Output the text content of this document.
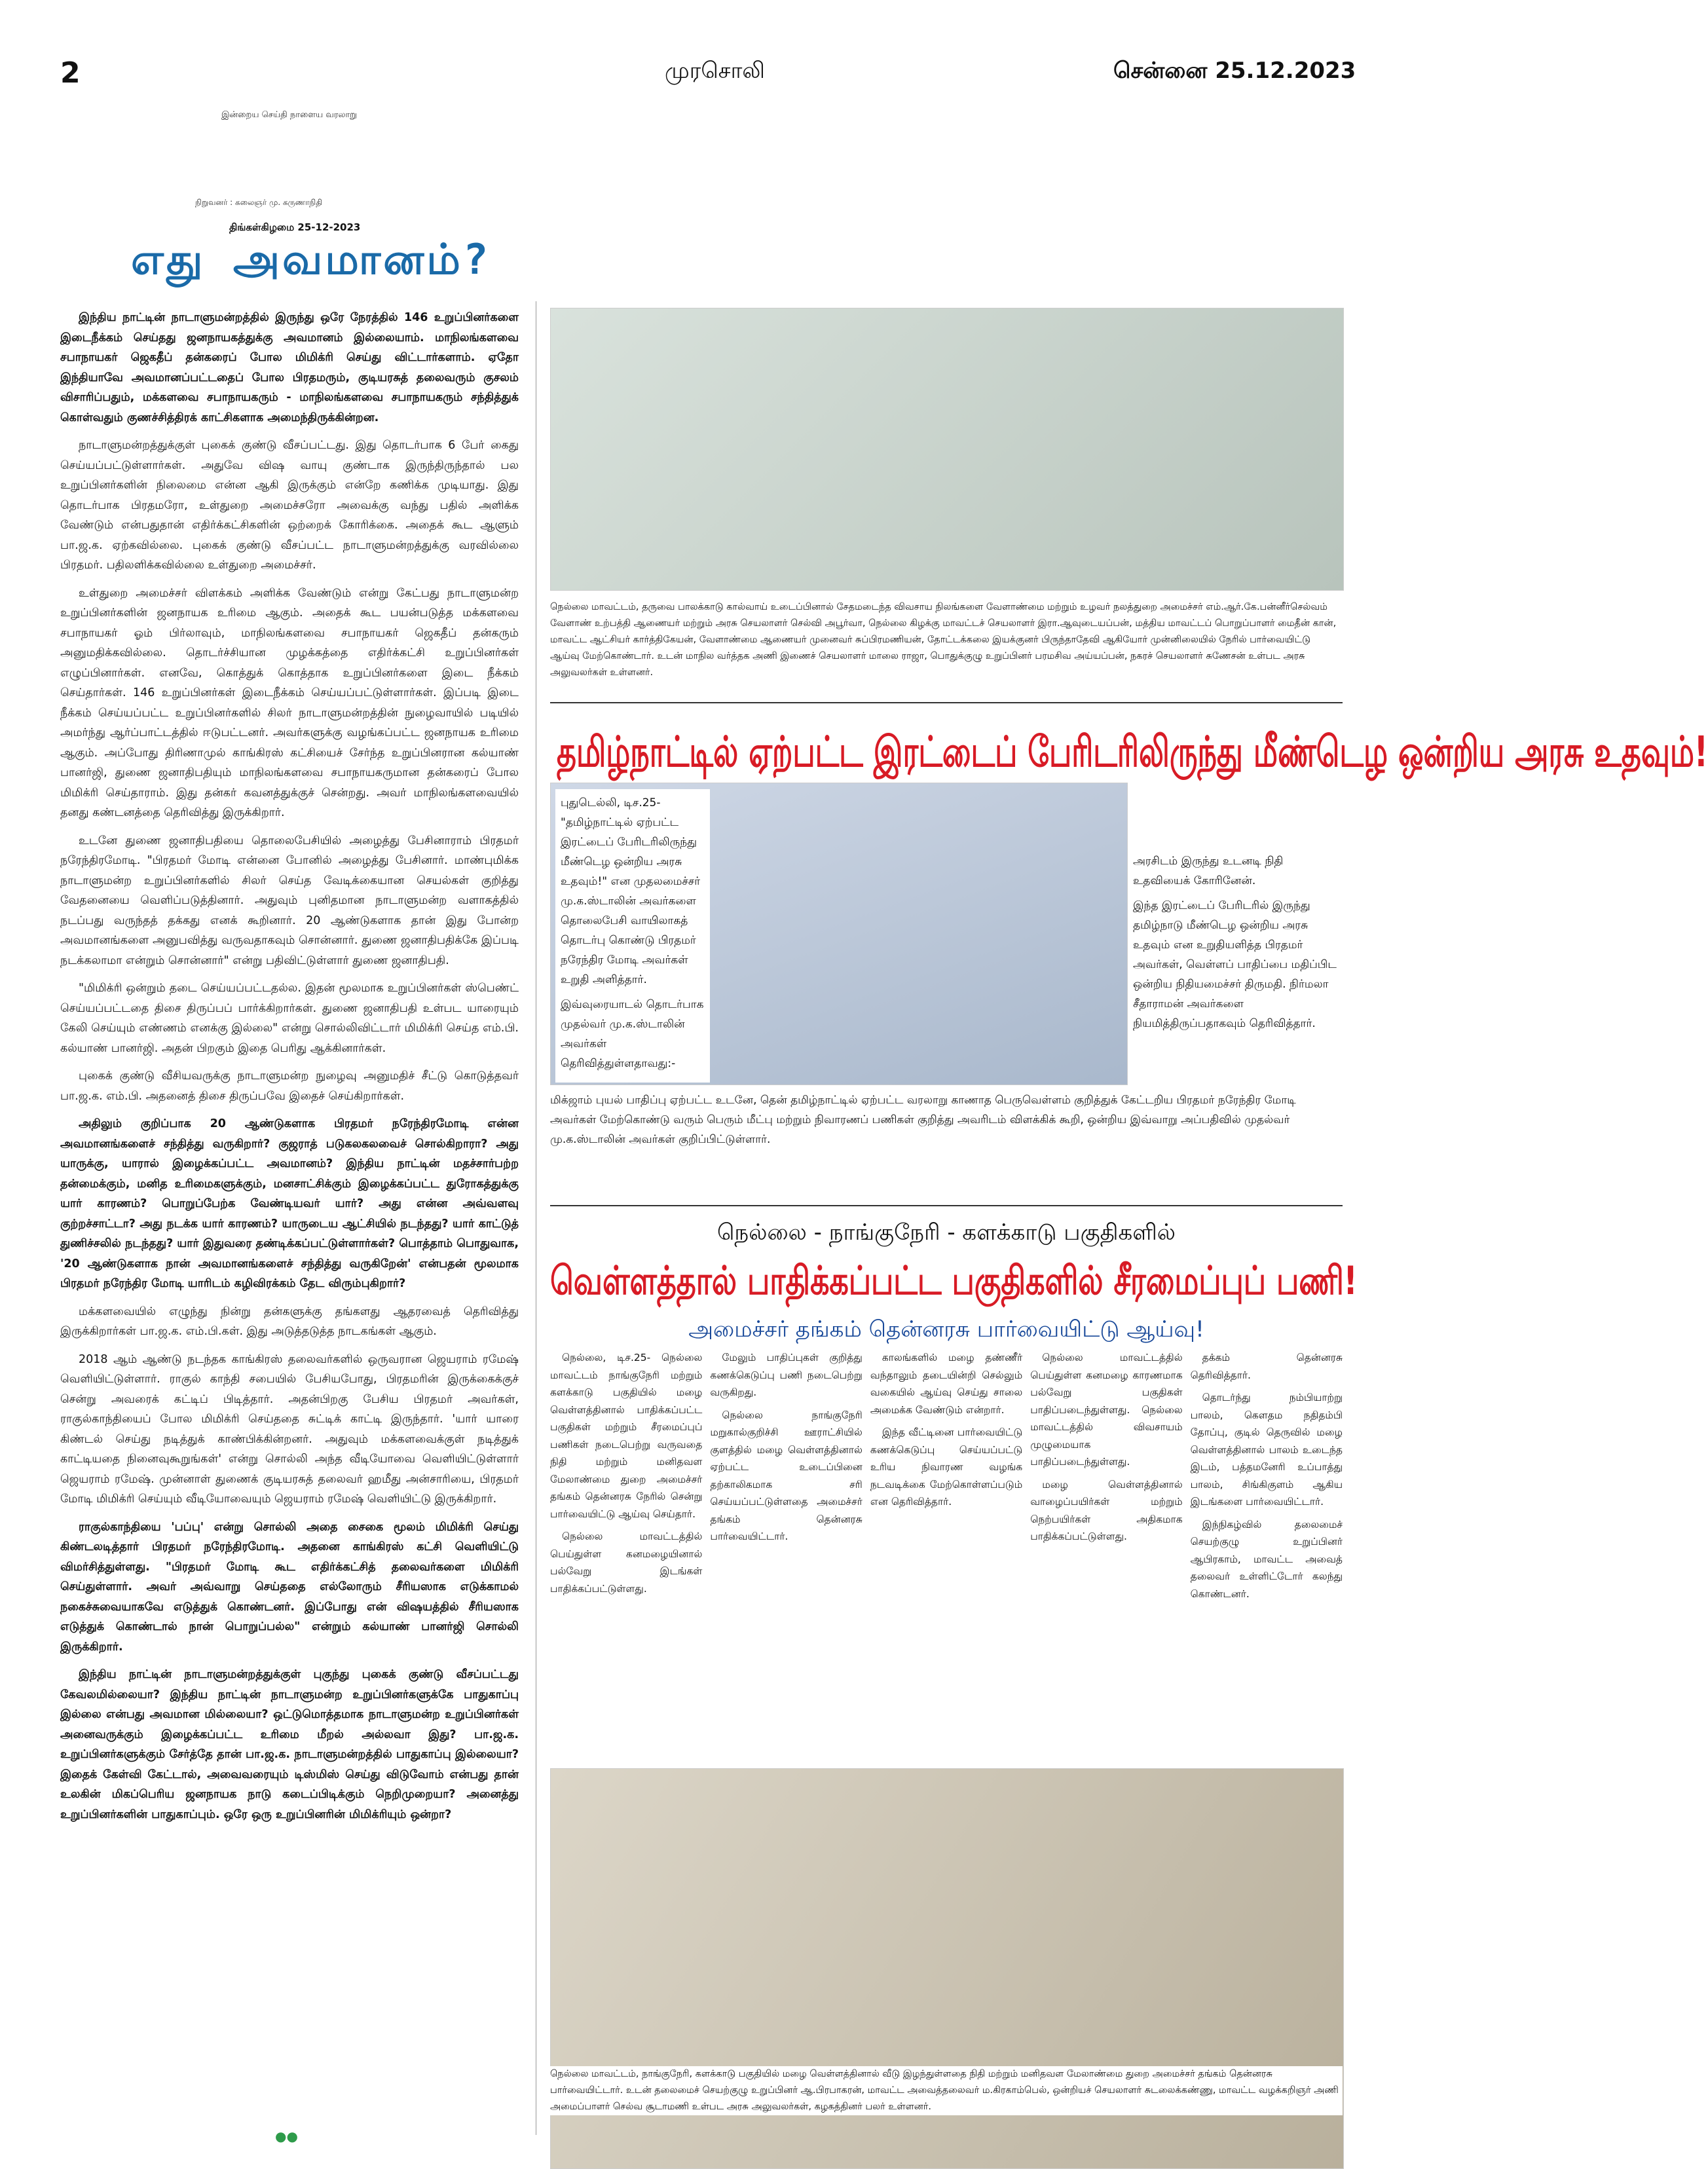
2	முரசொலி	சென்னை 25.12.2023
இன்றைய செய்தி நாளைய வரலாறு
நிறுவனர் : கலைஞர் மு. கருணாநிதி
திங்கள்கிழமை 25-12-2023
எது அவமானம்?

இந்திய நாட்டின் நாடாளுமன்றத்தில் இருந்து ஒரே நேரத்தில் 146 உறுப்பினர்களை இடைநீக்கம் செய்தது ஜனநாயகத்துக்கு அவமானம் இல்லையாம். மாநிலங்களவை சபாநாயகர் ஜெகதீப் தன்கரைப் போல மிமிக்ரி செய்து விட்டார்களாம். ஏதோ இந்தியாவே அவமானப்பட்டதைப் போல பிரதமரும், குடியரசுத் தலைவரும் குசலம் விசாரிப்பதும், மக்களவை சபாநாயகரும் - மாநிலங்களவை சபாநாயகரும் சந்தித்துக் கொள்வதும் குணச்சித்திரக் காட்சிகளாக அமைந்திருக்கின்றன.

நாடாளுமன்றத்துக்குள் புகைக் குண்டு வீசப்பட்டது. இது தொடர்பாக 6 பேர் கைது செய்யப்பட்டுள்ளார்கள். அதுவே விஷ வாயு குண்டாக இருந்திருந்தால் பல உறுப்பினர்களின் நிலைமை என்ன ஆகி இருக்கும் என்றே கணிக்க முடியாது. இது தொடர்பாக பிரதமரோ, உள்துறை அமைச்சரோ அவைக்கு வந்து பதில் அளிக்க வேண்டும் என்பதுதான் எதிர்க்கட்சிகளின் ஒற்றைக் கோரிக்கை. அதைக் கூட ஆளும் பா.ஜ.க. ஏற்கவில்லை. புகைக் குண்டு வீசப்பட்ட நாடாளுமன்றத்துக்கு வரவில்லை பிரதமர். பதிலளிக்கவில்லை உள்துறை அமைச்சர்.

உள்துறை அமைச்சர் விளக்கம் அளிக்க வேண்டும் என்று கேட்பது நாடாளுமன்ற உறுப்பினர்களின் ஜனநாயக உரிமை ஆகும். அதைக் கூட பயன்படுத்த மக்களவை சபாநாயகர் ஓம் பிர்லாவும், மாநிலங்களவை சபாநாயகர் ஜெகதீப் தன்கரும் அனுமதிக்கவில்லை. தொடர்ச்சியான முழக்கத்தை எதிர்க்கட்சி உறுப்பினர்கள் எழுப்பினார்கள். எனவே, கொத்துக் கொத்தாக உறுப்பினர்களை இடை நீக்கம் செய்தார்கள். 146 உறுப்பினர்கள் இடைநீக்கம் செய்யப்பட்டுள்ளார்கள். இப்படி இடை நீக்கம் செய்யப்பட்ட உறுப்பினர்களில் சிலர் நாடாளுமன்றத்தின் நுழைவாயில் படியில் அமர்ந்து ஆர்ப்பாட்டத்தில் ஈடுபட்டனர். அவர்களுக்கு வழங்கப்பட்ட ஜனநாயக உரிமை ஆகும். அப்போது திரிணாமுல் காங்கிரஸ் கட்சியைச் சேர்ந்த உறுப்பினரான கல்யாண் பானர்ஜி, துணை ஜனாதிபதியும் மாநிலங்களவை சபாநாயகருமான தன்கரைப் போல மிமிக்ரி செய்தாராம். இது தன்கர் கவனத்துக்குச் சென்றது. அவர் மாநிலங்களவையில் தனது கண்டனத்தை தெரிவித்து இருக்கிறார்.

உடனே துணை ஜனாதிபதியை தொலைபேசியில் அழைத்து பேசினாராம் பிரதமர் நரேந்திரமோடி. "பிரதமர் மோடி என்னை போனில் அழைத்து பேசினார். மாண்புமிக்க நாடாளுமன்ற உறுப்பினர்களில் சிலர் செய்த வேடிக்கையான செயல்கள் குறித்து வேதனையை வெளிப்படுத்தினார். அதுவும் புனிதமான நாடாளுமன்ற வளாகத்தில் நடப்பது வருந்தத் தக்கது எனக் கூறினார். 20 ஆண்டுகளாக தான் இது போன்ற அவமானங்களை அனுபவித்து வருவதாகவும் சொன்னார். துணை ஜனாதிபதிக்கே இப்படி நடக்கலாமா என்றும் சொன்னார்" என்று பதிவிட்டுள்ளார் துணை ஜனாதிபதி.

"மிமிக்ரி ஒன்றும் தடை செய்யப்பட்டதல்ல. இதன் மூலமாக உறுப்பினர்கள் ஸ்பெண்ட் செய்யப்பட்டதை திசை திருப்பப் பார்க்கிறார்கள். துணை ஜனாதிபதி உள்பட யாரையும் கேலி செய்யும் எண்ணம் எனக்கு இல்லை" என்று சொல்லிவிட்டார் மிமிக்ரி செய்த எம்.பி. கல்யாண் பானர்ஜி. அதன் பிறகும் இதை பெரிது ஆக்கினார்கள்.

புகைக் குண்டு வீசியவருக்கு நாடாளுமன்ற நுழைவு அனுமதிச் சீட்டு கொடுத்தவர் பா.ஜ.க. எம்.பி. அதனைத் திசை திருப்பவே இதைச் செய்கிறார்கள்.

அதிலும் குறிப்பாக 20 ஆண்டுகளாக பிரதமர் நரேந்திரமோடி என்ன அவமானங்களைச் சந்தித்து வருகிறார்? குஜராத் படுகலகலவைச் சொல்கிறாரா? அது யாருக்கு, யாரால் இழைக்கப்பட்ட அவமானம்? இந்திய நாட்டின் மதச்சார்பற்ற தன்மைக்கும், மனித உரிமைகளுக்கும், மனசாட்சிக்கும் இழைக்கப்பட்ட துரோகத்துக்கு யார் காரணம்? பொறுப்பேற்க வேண்டியவர் யார்? அது என்ன அவ்வளவு குற்றச்சாட்டா? அது நடக்க யார் காரணம்? யாருடைய ஆட்சியில் நடந்தது? யார் காட்டுத் துணிச்சலில் நடந்தது? யார் இதுவரை தண்டிக்கப்பட்டுள்ளார்கள்? பொத்தாம் பொதுவாக, '20 ஆண்டுகளாக நான் அவமானங்களைச் சந்தித்து வருகிறேன்' என்பதன் மூலமாக பிரதமர் நரேந்திர மோடி யாரிடம் கழிவிரக்கம் தேட விரும்புகிறார்?

மக்களவையில் எழுந்து நின்று தன்களுக்கு தங்களது ஆதரவைத் தெரிவித்து இருக்கிறார்கள் பா.ஜ.க. எம்.பி.கள். இது அடுத்தடுத்த நாடகங்கள் ஆகும்.

2018 ஆம் ஆண்டு நடந்தக காங்கிரஸ் தலைவர்களில் ஒருவரான ஜெயராம் ரமேஷ் வெளியிட்டுள்ளார். ராகுல் காந்தி சபையில் பேசியபோது, பிரதமரின் இருக்கைக்குச் சென்று அவரைக் கட்டிப் பிடித்தார். அதன்பிறகு பேசிய பிரதமர் அவர்கள், ராகுல்காந்தியைப் போல மிமிக்ரி செய்ததை சுட்டிக் காட்டி இருந்தார். 'யார் யாரை கிண்டல் செய்து நடித்துக் காண்பிக்கின்றனர். அதுவும் மக்களவைக்குள் நடித்துக் காட்டியதை நினைவுகூறுங்கள்' என்று சொல்லி அந்த வீடியோவை வெளியிட்டுள்ளார் ஜெயராம் ரமேஷ். முன்னாள் துணைக் குடியரசுத் தலைவர் ஹமீது அன்சாரியை, பிரதமர் மோடி மிமிக்ரி செய்யும் வீடியோவையும் ஜெயராம் ரமேஷ் வெளியிட்டு இருக்கிறார்.

ராகுல்காந்தியை 'பப்பு' என்று சொல்லி அதை சைகை மூலம் மிமிக்ரி செய்து கிண்டலடித்தார் பிரதமர் நரேந்திரமோடி. அதனை காங்கிரஸ் கட்சி வெளியிட்டு விமர்சித்துள்ளது. "பிரதமர் மோடி கூட எதிர்க்கட்சித் தலைவர்களை மிமிக்ரி செய்துள்ளார். அவர் அவ்வாறு செய்ததை எல்லோரும் சீரியஸாக எடுக்காமல் நகைச்சுவையாகவே எடுத்துக் கொண்டனர். இப்போது என் விஷயத்தில் சீரியஸாக எடுத்துக் கொண்டால் நான் பொறுப்பல்ல" என்றும் கல்யாண் பானர்ஜி சொல்லி இருக்கிறார்.

இந்திய நாட்டின் நாடாளுமன்றத்துக்குள் புகுந்து புகைக் குண்டு வீசப்பட்டது கேவலமில்லையா? இந்திய நாட்டின் நாடாளுமன்ற உறுப்பினர்களுக்கே பாதுகாப்பு இல்லை என்பது அவமான மில்லையா? ஒட்டுமொத்தமாக நாடாளுமன்ற உறுப்பினர்கள் அனைவருக்கும் இழைக்கப்பட்ட உரிமை மீறல் அல்லவா இது? பா.ஜ.க. உறுப்பினர்களுக்கும் சேர்த்தே தான் பா.ஜ.க. நாடாளுமன்றத்தில் பாதுகாப்பு இல்லையா? இதைக் கேள்வி கேட்டால், அவைவரையும் டிஸ்மிஸ் செய்து விடுவோம் என்பது தான் உலகின் மிகப்பெரிய ஜனநாயக நாடு கடைப்பிடிக்கும் நெறிமுறையா? அனைத்து உறுப்பினர்களின் பாதுகாப்பும். ஒரே ஒரு உறுப்பினரின் மிமிக்ரியும் ஒன்றா?

நெல்லை மாவட்டம், தருவை பாலக்காடு கால்வாய் உடைப்பினால் சேதமடைந்த விவசாய நிலங்களை வேளாண்மை மற்றும் உழவர் நலத்துறை அமைச்சர் எம்.ஆர்.கே.பன்னீர்செல்வம் வேளாண் உற்பத்தி ஆணையர் மற்றும் அரசு செயலாளர் செல்வி அபூர்வா, நெல்லை கிழக்கு மாவட்டச் செயலாளர் இரா.ஆவுடையப்பன், மத்திய மாவட்டப் பொறுப்பாளர் மைதீன் கான், மாவட்ட ஆட்சியர் கார்த்திகேயன், வேளாண்மை ஆணையர் முனைவர் சுப்பிரமணியன், தோட்டக்கலை இயக்குனர் பிருந்தாதேவி ஆகியோர் முன்னிலையில் நேரில் பார்வையிட்டு ஆய்வு மேற்கொண்டார். உடன் மாநில வர்த்தக அணி இணைச் செயலாளர் மாலை ராஜா, பொதுக்குழு உறுப்பினர் பரமசிவ அய்யப்பன், நகரச் செயலாளர் சுணேசன் உள்பட அரசு அலுவலர்கள் உள்ளனர்.
தமிழ்நாட்டில் ஏற்பட்ட இரட்டைப் பேரிடரிலிருந்து மீண்டெழ ஒன்றிய அரசு உதவும்!

புதுடெல்லி, டிச.25- "தமிழ்நாட்டில் ஏற்பட்ட இரட்டைப் பேரிடரிலிருந்து மீண்டெழ ஒன்றிய அரசு உதவும்!" என முதலமைச்சர் மு.க.ஸ்டாலின் அவர்களை தொலைபேசி வாயிலாகத் தொடர்பு கொண்டு பிரதமர் நரேந்திர மோடி அவர்கள் உறுதி அளித்தார்.

இவ்வுரையாடல் தொடர்பாக முதல்வர் மு.க.ஸ்டாலின் அவர்கள் தெரிவித்துள்ளதாவது:-

அரசிடம் இருந்து உடனடி நிதி உதவியைக் கோரினேன்.

இந்த இரட்டைப் பேரிடரில் இருந்து தமிழ்நாடு மீண்டெழ ஒன்றிய அரசு உதவும் என உறுதியளித்த பிரதமர் அவர்கள், வெள்ளப் பாதிப்பை மதிப்பிட ஒன்றிய நிதியமைச்சர் திருமதி. நிர்மலா சீதாராமன் அவர்களை நியமித்திருப்பதாகவும் தெரிவித்தார்.

மிக்ஜாம் புயல் பாதிப்பு ஏற்பட்ட உடனே, தென் தமிழ்நாட்டில் ஏற்பட்ட வரலாறு காணாத பெருவெள்ளம் குறித்துக் கேட்டறிய பிரதமர் நரேந்திர மோடி அவர்கள் மேற்கொண்டு வரும் பெரும் மீட்பு மற்றும் நிவாரணப் பணிகள் குறித்து அவரிடம் விளக்கிக் கூறி, ஒன்றிய இவ்வாறு அப்பதிவில் முதல்வர் மு.க.ஸ்டாலின் அவர்கள் குறிப்பிட்டுள்ளார்.
நெல்லை - நாங்குநேரி - களக்காடு பகுதிகளில்
வெள்ளத்தால் பாதிக்கப்பட்ட பகுதிகளில் சீரமைப்புப் பணி!
அமைச்சர் தங்கம் தென்னரசு பார்வையிட்டு ஆய்வு!

நெல்லை, டிச.25- நெல்லை மாவட்டம் நாங்குநேரி மற்றும் களக்காடு பகுதியில் மழை வெள்ளத்தினால் பாதிக்கப்பட்ட பகுதிகள் மற்றும் சீரமைப்புப் பணிகள் நடைபெற்று வருவதை நிதி மற்றும் மனிதவள மேலாண்மை துறை அமைச்சர் தங்கம் தென்னரசு நேரில் சென்று பார்வையிட்டு ஆய்வு செய்தார்.

நெல்லை மாவட்டத்தில் பெய்துள்ள கனமழையினால் பல்வேறு இடங்கள் பாதிக்கப்பட்டுள்ளது.

மேலும் பாதிப்புகள் குறித்து கணக்கெடுப்பு பணி நடைபெற்று வருகிறது.

நெல்லை நாங்குநேரி மறுகால்குறிச்சி ஊராட்சியில் குளத்தில் மழை வெள்ளத்தினால் ஏற்பட்ட உடைப்பினை தற்காலிகமாக சரி செய்யப்பட்டுள்ளதை அமைச்சர் தங்கம் தென்னரசு பார்வையிட்டார்.

காலங்களில் மழை தண்ணீர் வந்தாலும் தடையின்றி செல்லும் வகையில் ஆய்வு செய்து சாலை அமைக்க வேண்டும் என்றார்.

இந்த வீட்டினை பார்வையிட்டு கணக்கெடுப்பு செய்யப்பட்டு உரிய நிவாரண வழங்க நடவடிக்கை மேற்கொள்ளப்படும் என தெரிவித்தார்.

நெல்லை மாவட்டத்தில் பெய்துள்ள கனமழை காரணமாக பல்வேறு பகுதிகள் பாதிப்படைந்துள்ளது. நெல்லை மாவட்டத்தில் விவசாயம் முழுமையாக பாதிப்படைந்துள்ளது.

மழை வெள்ளத்தினால் வாழைப்பயிர்கள் மற்றும் நெற்பயிர்கள் அதிகமாக பாதிக்கப்பட்டுள்ளது.

தக்கம் தென்னரசு தெரிவித்தார்.

தொடர்ந்து நம்பியாற்று பாலம், கௌதம நதிதம்பி தோப்பு, குடில் தெருவில் மழை வெள்ளத்தினால் பாலம் உடைந்த இடம், பத்தமனேரி உப்பாத்து பாலம், சிங்கிகுளம் ஆகிய இடங்களை பார்வையிட்டார்.

இந்நிகழ்வில் தலைமைச் செயற்குழு உறுப்பினர் ஆபிரகாம், மாவட்ட அவைத் தலைவர் உள்ளிட்டோர் கலந்து கொண்டனர்.

நெல்லை மாவட்டம், நாங்குநேரி, களக்காடு பகுதியில் மழை வெள்ளத்தினால் வீடு இழந்துள்ளதை நிதி மற்றும் மனிதவள மேலாண்மை துறை அமைச்சர் தங்கம் தென்னரசு பார்வையிட்டார். உடன் தலைமைச் செயற்குழு உறுப்பினர் ஆ.பிரபாகரன், மாவட்ட அவைத்தலைவர் ம.கிரகாம்பெல், ஒன்றியச் செயலாளர் சுடலைக்கண்ணு, மாவட்ட வழக்கறிஞர் அணி அமைப்பாளர் செல்வ சூடாமணி உள்பட அரசு அலுவலர்கள், கழகத்தினர் பலர் உள்ளனர்.
●●
